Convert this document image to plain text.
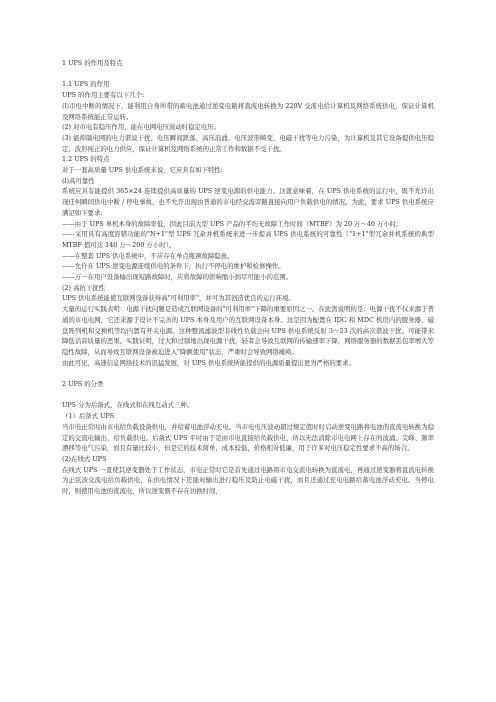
1 UPS 的作用及特点

1.1 UPS 的作用

UPS 的作用主要有以下几个:

(l)市电中断的情况下，能利用自身所带的蓄电池通过逆变电路将直流电转换为 220V 交流电给计算机及网络系统供电，保证计算机及网络系统能正常运转。

(2) 对市电有稳压作用，能在电网电压波动时稳定电压。

(3) 能抑制电网的电力谐波干扰、电压瞬间跌落、高压浪涌、电压波形畸变、电磁干扰等电力污染，为计算机及其它设备提供电压稳定、波形纯正的电力供应，保证计算机及网络系统的正常工作和数据不受干扰。

1.2 UPS 的特点

对于一套高质量 UPS 供电系统来说，它应具有如下特性:

(l)高可靠性

系统应具有能提供 365×24 连续提供高质量的 UPS 逆变电源的供电能力。这就意味着，在 UPS 供电系统的运行中，既不允许出现任何瞬间供电中断 / 停电事故，也不允许出现由普通的市电经交流旁路直接向用户负载供电的情况。为此，要求 UPS 供电系统应满足如下要求:

——由于 UPS 单机本身的故障率低，因此目前大型 UPS 产品的平均无故障工作时间（MTBF）为 20 万～40 万小时。

——采用具有高度容错功能的"N+1"型 UPS 冗余并机系统来进一步提高 UPS 供电系统的可靠性（"1+1"型冗余并机系统的典型 MTBF 值可达 140 万～200 万小时）。

——在整套 UPS 供电系统中，不应存在单点瓶颈故障隐患。

——允许在 UPS 逆变电源连续供电的条件下，执行不停电的维护和检修操作。

——万一在用户设备输出现短路故障时，应将故障的影响缩小到尽可能小的范围。

(2) 高抗干扰性

UPS 供电系统能使互联网设备获得高"可利用率"，并可为其创造优良的运行环境。

大量的运行实践表明：电源干扰问题是造成互联网设备的"可利用率"下降的重要原因之一。在此需说明的是：电源干扰不仅来源于普通的市电电网，它还来源于设计不完善的 UPS 本身及用户的互联网设备本身。这是因为配置在 IDC 和 MDC 机房内的服务器、磁盘阵列机和交换机等均内置有开关电源。这种整流滤波型非线性负载会向 UPS 供电系统反射 3～23 次的高次谐波干扰。可能带来降低话音质量的恶果。实践证明，过大和过频地出现电源干扰，轻者会导致互联网的传输速率下降，网络服务器的数据丢包率增大等隐性故障，从而导致互联网设备被迫进入"降额使用"状态，严重时会导致网络瘫痪。

由此可见，高速信息网络技术的迅猛发展，对 UPS 供电系统所能提供的电源质量提出更为严格的要求。

2 UPS 的分类

UPS 分为后备式、在线式和在线互动式三种。

（1）后备式 UPS

当市电正常时由市电给负载设备供电，并给蓄电池浮动充电。当市电电压波动超过规定值时时启动逆变电路将电池的直流电转换为稳定的交流电输出，给负载供电。后备式 UPS 平时由于是由市电直接给负载供电，所以无法消除市电电网上存在的波涌、尖峰、频率漂移等电气污染，而且有量比较小，但是它的技术简单，成本较低，价格相对低廉，用于许多对电压稳定性要求不高的场合。

(2)在线式 UPS

在线式 UPS 一直使其逆变器处于工作状态，市电正常时它是首先通过电路将市电交流电转换为直流电，再通过逆变器将直流电转换为正弦波交流电给负载供电，在供电情况下还能对输出进行稳压及防止电磁干扰，而且还通过充电电路给蓄电池浮动充电。当停电时，则使用电池的直流电，所以逆变器不存在切换时间，
